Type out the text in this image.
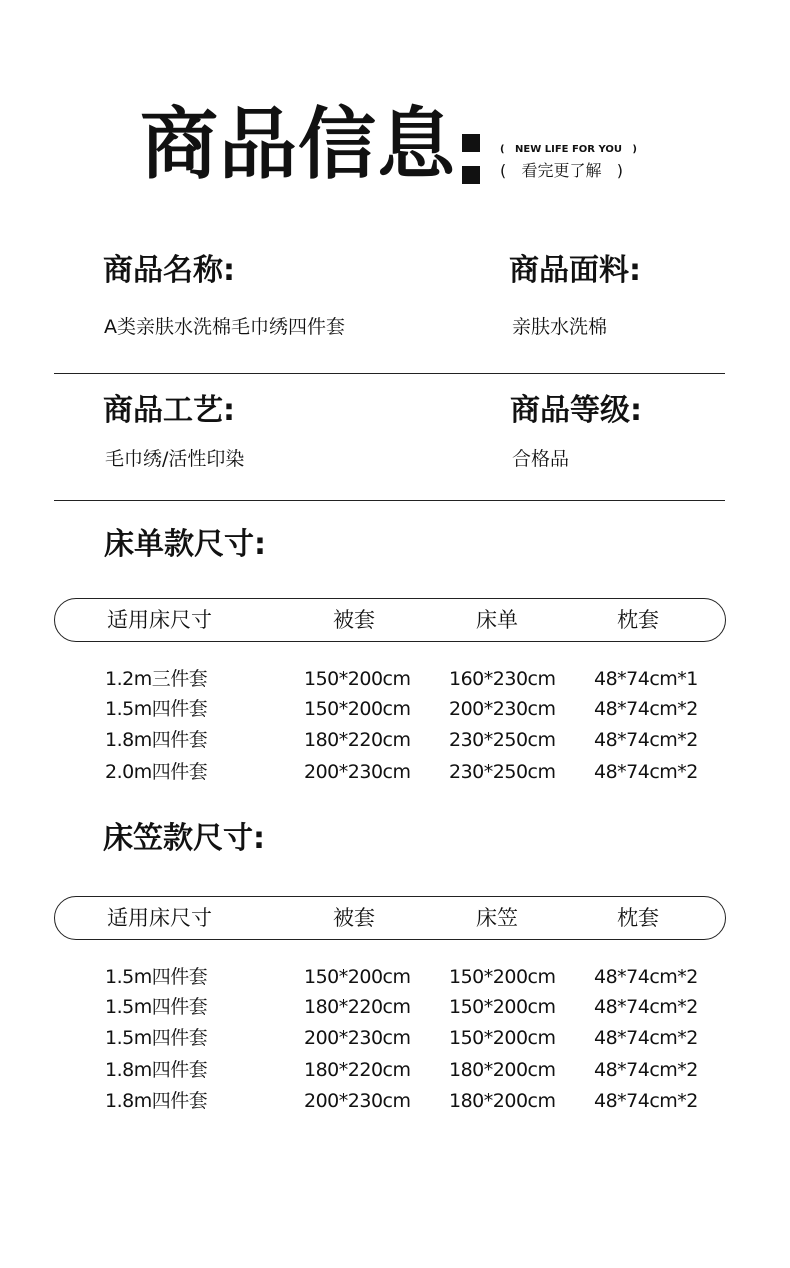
商品信息	(   NEW LIFE FOR YOU   )
(   看完更了解   )
商品名称:
A类亲肤水洗棉毛巾绣四件套
商品面料:
亲肤水洗棉
商品工艺:
毛巾绣/活性印染
商品等级:
合格品
床单款尺寸:
适用床尺寸	被套	床单	枕套
1.2m三件套	150*200cm 160*230cm 48*74cm*1
1.5m四件套	150*200cm 200*230cm 48*74cm*2
1.8m四件套	180*220cm 230*250cm 48*74cm*2
2.0m四件套	200*230cm 230*250cm 48*74cm*2
床笠款尺寸:
适用床尺寸	被套	床笠	枕套
1.5m四件套	150*200cm 150*200cm 48*74cm*2
1.5m四件套	180*220cm 150*200cm 48*74cm*2
1.5m四件套	200*230cm 150*200cm 48*74cm*2
1.8m四件套	180*220cm 180*200cm 48*74cm*2
1.8m四件套	200*230cm 180*200cm 48*74cm*2
